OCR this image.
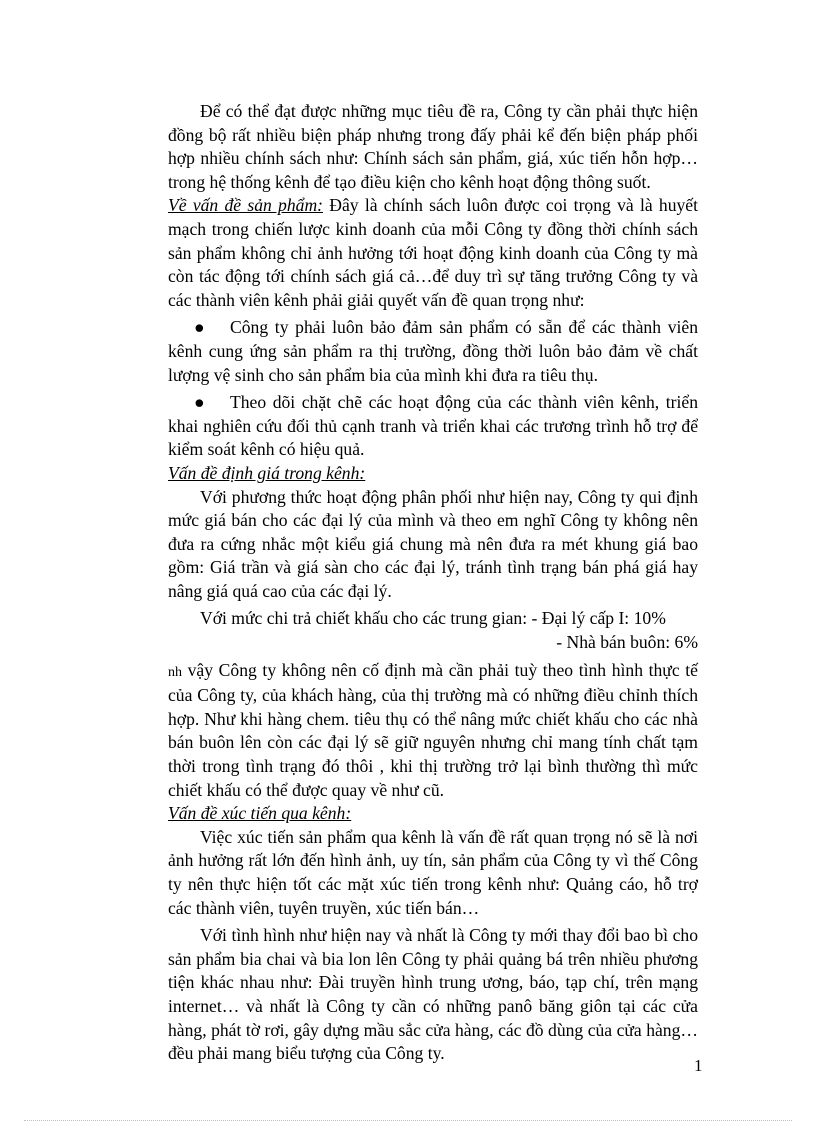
Để có thể đạt được những mục tiêu đề ra, Công ty cần phải thực hiện đồng bộ rất nhiều biện pháp nhưng trong đấy phải kể đến biện pháp phối hợp nhiều chính sách như: Chính sách sản phẩm, giá, xúc tiến hỗn hợp…trong hệ thống kênh để tạo điều kiện cho kênh hoạt động thông suốt.

Về vấn đề sản phẩm: Đây là chính sách luôn được coi trọng và là huyết mạch trong chiến lược kinh doanh của mỗi Công ty đồng thời chính sách sản phẩm không chỉ ảnh hưởng tới hoạt động kinh doanh của Công ty mà còn tác động tới chính sách giá cả…để duy trì sự tăng trưởng Công ty và các thành viên kênh phải giải quyết vấn đề quan trọng như:

●	Công ty phải luôn bảo đảm sản phẩm có sẵn để các thành viên kênh cung ứng sản phẩm ra thị trường, đồng thời luôn bảo đảm về chất lượng vệ sinh cho sản phẩm bia của mình khi đưa ra tiêu thụ.
●	Theo dõi chặt chẽ các hoạt động của các thành viên kênh, triển khai nghiên cứu đối thủ cạnh tranh và triển khai các trương trình hỗ trợ để kiểm soát kênh có hiệu quả.

Vấn đề định giá trong kênh:

Với phương thức hoạt động phân phối như hiện nay, Công ty qui định mức giá bán cho các đại lý của mình và theo em nghĩ Công ty không nên đưa ra cứng nhắc một kiểu giá chung mà nên đưa ra mét khung giá bao gồm: Giá trần và giá sàn cho các đại lý, tránh tình trạng bán phá giá hay nâng giá quá cao của các đại lý.

Với mức chi trả chiết khấu cho các trung gian: - Đại lý cấp I: 10%

- Nhà bán buôn: 6%

nh vậy Công ty không nên cố định mà cần phải tuỳ theo tình hình thực tế của Công ty, của khách hàng, của thị trường mà có những điều chỉnh thích hợp. Như khi hàng chem. tiêu thụ có thể nâng mức chiết khấu cho các nhà bán buôn lên còn các đại lý sẽ giữ nguyên nhưng chỉ mang tính chất tạm thời trong tình trạng đó thôi , khi thị trường trở lại bình thường thì mức chiết khấu có thể được quay về như cũ.

Vấn đề xúc tiến qua kênh:

Việc xúc tiến sản phẩm qua kênh là vấn đề rất quan trọng nó sẽ là nơi ảnh hưởng rất lớn đến hình ảnh, uy tín, sản phẩm của Công ty vì thế Công ty nên thực hiện tốt các mặt xúc tiến trong kênh như: Quảng cáo, hỗ trợ các thành viên, tuyên truyền, xúc tiến bán…

Với tình hình như hiện nay và nhất là Công ty mới thay đổi bao bì cho sản phẩm bia chai và bia lon lên Công ty phải quảng bá trên nhiều phương tiện khác nhau như: Đài truyền hình trung ương, báo, tạp chí, trên mạng internet… và nhất là Công ty cần có những panô băng giôn tại các cửa hàng, phát tờ rơi, gây dựng mầu sắc cửa hàng, các đồ dùng của cửa hàng…đều phải mang biểu tượng của Công ty.

1
